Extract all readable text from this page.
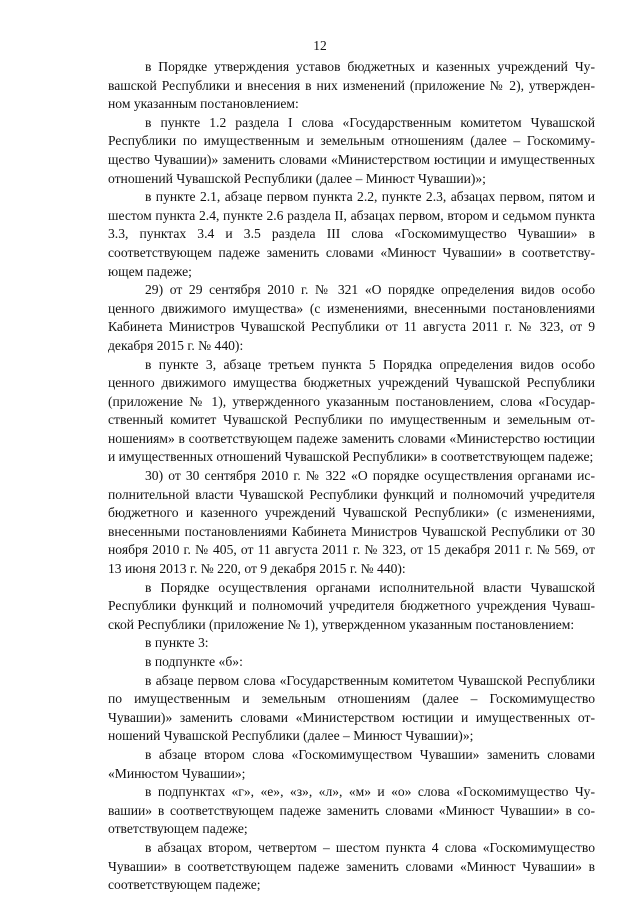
12

в Порядке утверждения уставов бюджетных и казенных учреждений Чувашской Республики и внесения в них изменений (приложение № 2), утвержденном указанным постановлением:

в пункте 1.2 раздела I слова «Государственным комитетом Чувашской Республики по имущественным и земельным отношениям (далее – Госкомимущество Чувашии)» заменить словами «Министерством юстиции и имущественных отношений Чувашской Республики (далее – Минюст Чувашии)»;

в пункте 2.1, абзаце первом пункта 2.2, пункте 2.3, абзацах первом, пятом и шестом пункта 2.4, пункте 2.6 раздела II, абзацах первом, втором и седьмом пункта 3.3, пунктах 3.4 и 3.5 раздела III слова «Госкомимущество Чувашии» в соответствующем падеже заменить словами «Минюст Чувашии» в соответствующем падеже;

29) от 29 сентября 2010 г. № 321 «О порядке определения видов особо ценного движимого имущества» (с изменениями, внесенными постановлениями Кабинета Министров Чувашской Республики от 11 августа 2011 г. № 323, от 9 декабря 2015 г. № 440):

в пункте 3, абзаце третьем пункта 5 Порядка определения видов особо ценного движимого имущества бюджетных учреждений Чувашской Республики (приложение № 1), утвержденного указанным постановлением, слова «Государственный комитет Чувашской Республики по имущественным и земельным отношениям» в соответствующем падеже заменить словами «Министерство юстиции и имущественных отношений Чувашской Республики» в соответствующем падеже;

30) от 30 сентября 2010 г. № 322 «О порядке осуществления органами исполнительной власти Чувашской Республики функций и полномочий учредителя бюджетного и казенного учреждений Чувашской Республики» (с изменениями, внесенными постановлениями Кабинета Министров Чувашской Республики от 30 ноября 2010 г. № 405, от 11 августа 2011 г. № 323, от 15 декабря 2011 г. № 569, от 13 июня 2013 г. № 220, от 9 декабря 2015 г. № 440):

в Порядке осуществления органами исполнительной власти Чувашской Республики функций и полномочий учредителя бюджетного учреждения Чувашской Республики (приложение № 1), утвержденном указанным постановлением:

в пункте 3:

в подпункте «б»:

в абзаце первом слова «Государственным комитетом Чувашской Республики по имущественным и земельным отношениям (далее – Госкомимущество Чувашии)» заменить словами «Министерством юстиции и имущественных отношений Чувашской Республики (далее – Минюст Чувашии)»;

в абзаце втором слова «Госкомимуществом Чувашии» заменить словами «Минюстом Чувашии»;

в подпунктах «г», «е», «з», «л», «м» и «о» слова «Госкомимущество Чувашии» в соответствующем падеже заменить словами «Минюст Чувашии» в соответствующем падеже;

в абзацах втором, четвертом – шестом пункта 4 слова «Госкомимущество Чувашии» в соответствующем падеже заменить словами «Минюст Чувашии» в соответствующем падеже;
